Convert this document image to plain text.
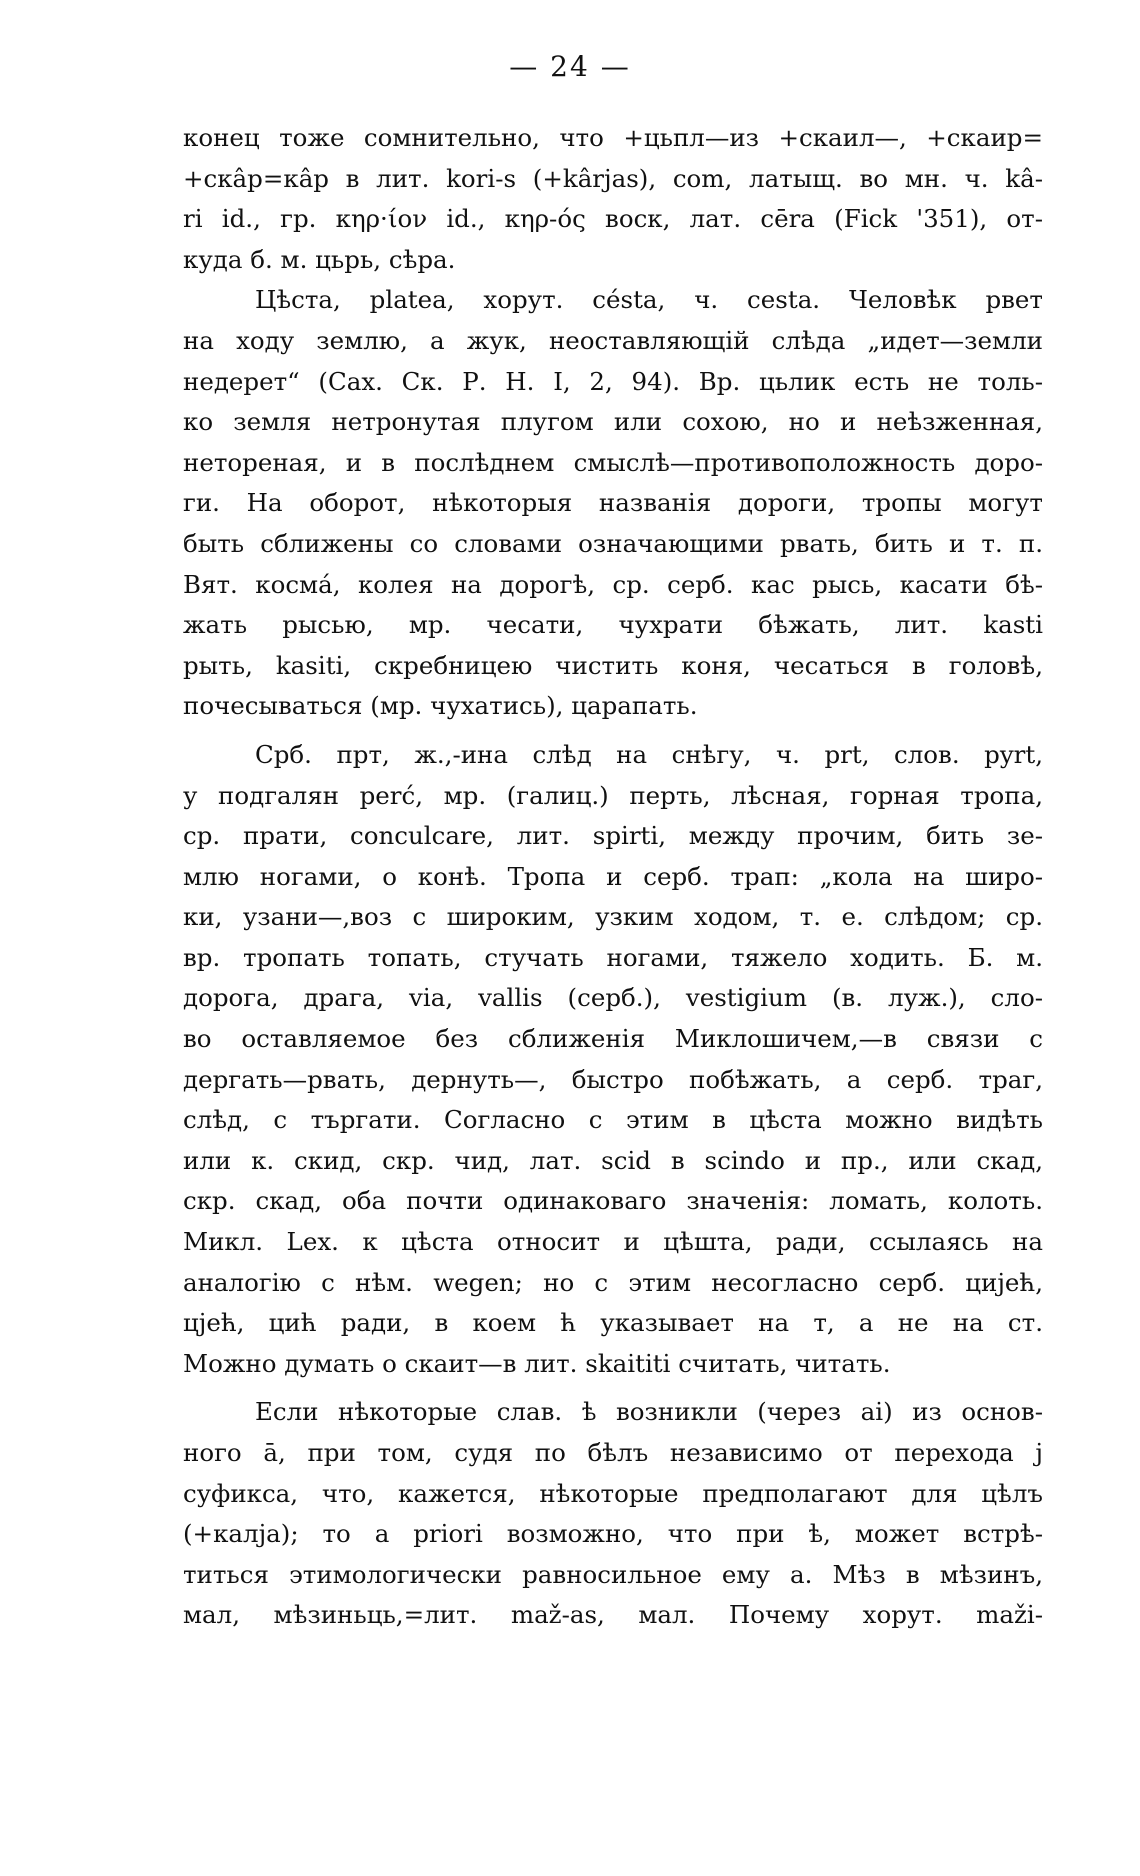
— 24 —
конец тоже сомнительно, что +цьпл—из +скаил—, +скаир=
+скâр=кâр в лит. kori-s (+kârjas), com, латыщ. во мн. ч. kâ-
ri id., гр. κηρ·ίον id., κηρ-ός воск, лат. cēra (Fick '351), от-
куда б. м. цьрь, сѣра.
Цѣста, platea, хорут. césta, ч. cesta. Человѣк рвет
на ходу землю, а жук, неоставляющій слѣда „идет—земли
недерет“ (Сах. Ск. Р. Н. I, 2, 94). Вр. цьлик есть не толь-
ко земля нетронутая плугом или сохою, но и неѣзженная,
нетореная, и в послѣднем смыслѣ—противоположность доро-
ги. На оборот, нѣкоторыя названія дороги, тропы могут
быть сближены со словами означающими рвать, бить и т. п.
Вят. космá, колея на дорогѣ, ср. серб. кас рысь, касати бѣ-
жать рысью, мр. чесати, чухрати бѣжать, лит. kasti
рыть, kasiti, скребницею чистить коня, чесаться в головѣ,
почесываться (мр. чухатись), царапать.
Срб. прт, ж.,-ина слѣд на снѣгу, ч. prt, слов. pyrt,
у подгалян perć, мр. (галиц.) перть, лѣсная, горная тропа,
ср. прати, conculcare, лит. spirti, между прочим, бить зе-
млю ногами, о конѣ. Тропа и серб. трап: „кола на широ-
ки, узани—,воз с широким, узким ходом, т. е. слѣдом; ср.
вр. тропать топать, стучать ногами, тяжело ходить. Б. м.
дорога, драга, via, vallis (серб.), vestigium (в. луж.), сло-
во оставляемое без сближенія Миклошичем,—в связи с
дергать—рвать, дернуть—, быстро побѣжать, а серб. траг,
слѣд, с търгати. Согласно с этим в цѣста можно видѣть
или к. скид, скр. чид, лат. scid в scindo и пр., или скад,
скр. скад, оба почти одинаковаго значенія: ломать, колоть.
Микл. Lex. к цѣста относит и цѣшта, ради, ссылаясь на
аналогію с нѣм. wegen; но с этим несогласно серб. цијећ,
цјећ, цић ради, в коем ћ указывает на т, а не на ст.
Можно думать о скаит—в лит. skaititi считать, читать.
Если нѣкоторые слав. ѣ возникли (через ai) из основ-
ного ā, при том, судя по бѣлъ независимо от перехода j
суфикса, что, кажется, нѣкоторые предполагают для цѣлъ
(+калја); то а priori возможно, что при ѣ, может встрѣ-
титься этимологически равносильное ему а. Мѣз в мѣзинъ,
мал, мѣзиньць,=лит. maž-as, мал. Почему хорут. maži-
